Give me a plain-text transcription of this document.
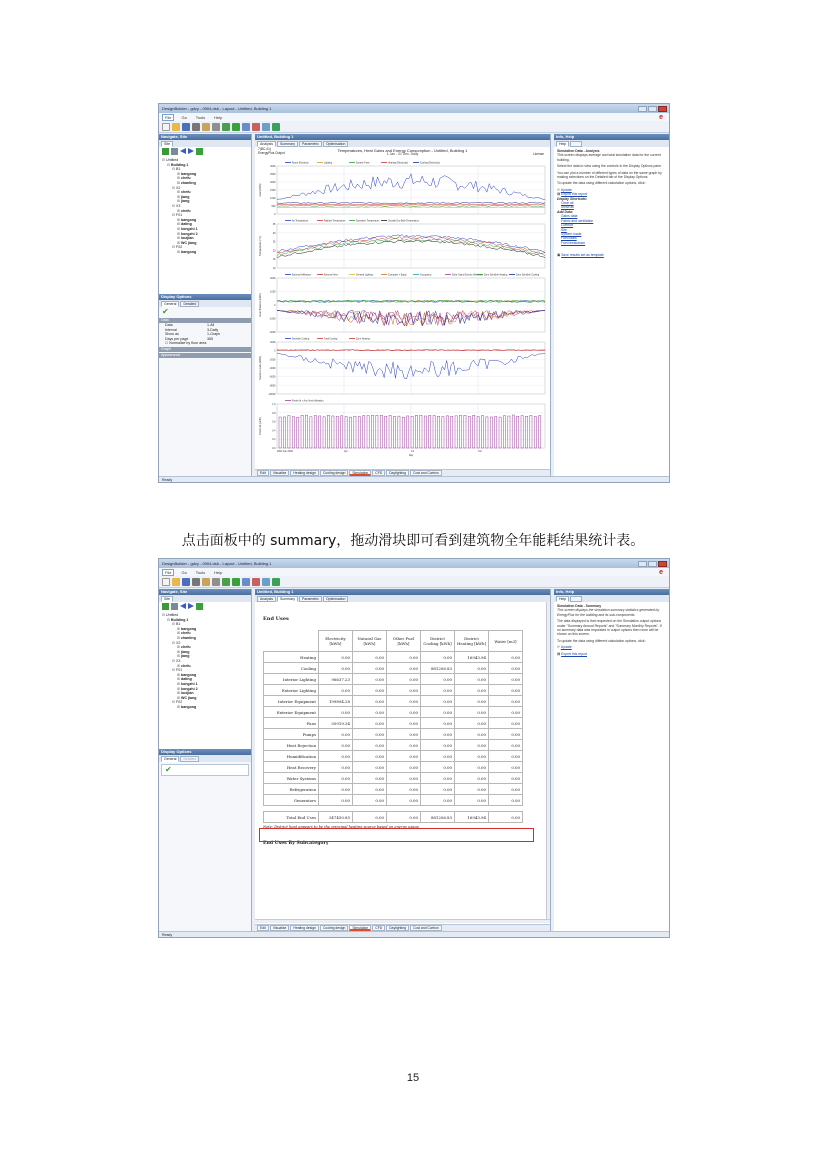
DesignBuilder - gdzy - 0904.dsb - Layout - Untitled, Building 1
File	Go	Tools	Help	e
Navigate, Site
Site
⊟ Untitled
⊟ Building 1
⊟ B1
⊞ bangong
⊞ chefu
⊞ zhanting
⊟ X2
⊞ chefu
⊞ jiang
⊞ jiang
⊟ X3
⊞ chefu
⊟ F01
⊞ bangong
⊞ dating
⊞ kongzhi 1
⊞ kongzhi 2
⊞ louijian
⊞ WC jiang
⊟ F02
⊞ bangong
Display Options
General	Detailed
✔
Data
Data	1-All
Interval	3-Daily
Show as	1-Graph
Days per page	365
☐ Normalise by floor area
Graph
Appearance
Untitled, Building 1
Analysis	Summary	Parametric	Optimisation
7(BC-01)
EnergyPlus Output	Temperatures, Heat Gains and Energy Consumption - Untitled, Building 1
1 Jan - 31 Dec, Daily	License
Room Electricity	Lighting	System Fans	Heating (Electricity)	Cooling (Electricity)
3000
2500
2000
1500
1000
500
0
Fuel (kWh)
Air Temperature	Radiant Temperature	Operative Temperature	Outside Dry-Bulb Temperature
35
30
25
20
15
10
Temperature (°C)
External Infiltration	External Vent.	General Lighting	Computer + Equip.	Occupancy	Solar Gains Exterior Windows Zone Sensible Heating	Zone Sensible Cooling
2000
1000
0
-1000
-2000
Heat Balance (kWh)
Sensible Cooling	Total Cooling	Zone Heating
2000
0
-2000
-4000
-6000
-8000
-10000
System Loads (kWh)
Fresh Air + Aux Vent Infiltration
1.0
0.8
0.6
0.4
0.2
0.0
Fresh Air (ac/h)
2002 Jan 2002	Apr	Jul	Oct
Day
Edit	Visualise	Heating design	Cooling design	Simulation	CFD	Daylighting	Cost and Carbon
Info, Help
Help
Simulation Data - Analysis
This screen displays average and total simulation data for the current building.
Select the data to view using the controls in the Display Options pane.
You can plot a number of different types of data on the same graph by making selections on the Detailed tab of the Display Options.
To update the data using different calculation options, click:
⟳ Update
▤ Export this report
Display Shortcuts:
Clear all
Show all
Add Data:
Gains data
Fabric and ventilation
Comfort
Site
System loads
Fuel totals
Fuel breakdown
▣ Save results set as template
Ready
点击面板中的 summary，拖动滑块即可看到建筑物全年能耗结果统计表。
DesignBuilder - gdzy - 0904.dsb - Layout - Untitled, Building 1
File	Go	Tools	Help	e
Navigate, Site
Site
⊟ Untitled
⊟ Building 1
⊟ B1
⊞ bangong
⊞ chefu
⊞ zhanting
⊟ X2
⊞ chefu
⊞ jiang
⊞ jiang
⊟ X3
⊞ chefu
⊟ F01
⊞ bangong
⊞ dating
⊞ kongzhi 1
⊞ kongzhi 2
⊞ louijian
⊞ WC jiang
⊟ F02
⊞ bangong
Display Options
General	Detailed
✔
Untitled, Building 1
Analysis	Summary	Parametric	Optimisation
End Uses
	Electricity [kWh]	Natural Gas [kWh]	Other Fuel [kWh]	District Cooling [kWh]	District Heating [kWh]	Water [m3]
Heating	0.00	0.00	0.00	0.00	16943.94	0.00
Cooling	0.00	0.00	0.00	881206.83	0.00	0.00
Interior Lighting	96637.23	0.00	0.00	0.00	0.00	0.00
Exterior Lighting	0.00	0.00	0.00	0.00	0.00	0.00
Interior Equipment	199894.28	0.00	0.00	0.00	0.00	0.00
Exterior Equipment	0.00	0.00	0.00	0.00	0.00	0.00
Fans	50919.34	0.00	0.00	0.00	0.00	0.00
Pumps	0.00	0.00	0.00	0.00	0.00	0.00
Heat Rejection	0.00	0.00	0.00	0.00	0.00	0.00
Humidification	0.00	0.00	0.00	0.00	0.00	0.00
Heat Recovery	0.00	0.00	0.00	0.00	0.00	0.00
Water Systems	0.00	0.00	0.00	0.00	0.00	0.00
Refrigeration	0.00	0.00	0.00	0.00	0.00	0.00
Generators	0.00	0.00	0.00	0.00	0.00	0.00

Total End Uses	347450.85	0.00	0.00	881206.83	16943.94	0.00
Note: District heat appears to be the principal heating source based on energy usage.
End Uses By Subcategory
Edit	Visualise	Heating design	Cooling design	Simulation	CFD	Daylighting	Cost and Carbon
Info, Help
Help
Simulation Data - Summary
This screen displays the simulation summary statistics generated by EnergyPlus for the building and its sub-components.
The data displayed is that requested on the Simulation output options under "Summary Annual Reports" and "Summary Monthly Reports". If no summary data was requested in output options then none will be shown on this screen.
To update the data using different calculation options, click:
⟳ Update
▤ Export this report
Ready
15
